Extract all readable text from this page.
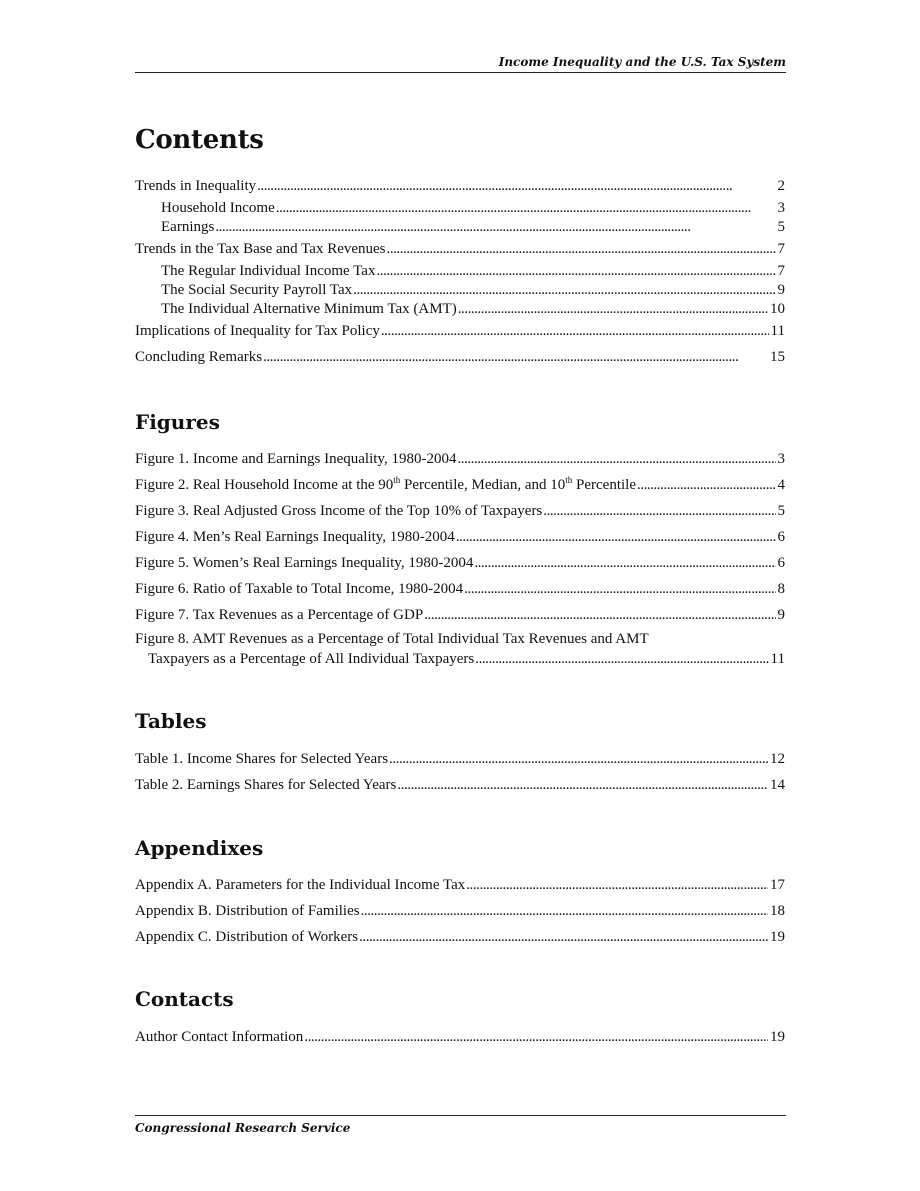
Income Inequality and the U.S. Tax System
Contents
Trends in Inequality . . .	2
Household Income . . .	3
Earnings . . .	5
Trends in the Tax Base and Tax Revenues . . .	7
The Regular Individual Income Tax . . .	7
The Social Security Payroll Tax . . .	9
The Individual Alternative Minimum Tax (AMT) . . .	10
Implications of Inequality for Tax Policy . . .	11
Concluding Remarks . . .	15
Figures
Figure 1. Income and Earnings Inequality, 1980-2004 . . .	3
Figure 2. Real Household Income at the 90th Percentile, Median, and 10th Percentile . . .	4
Figure 3. Real Adjusted Gross Income of the Top 10% of Taxpayers . . .	5
Figure 4. Men’s Real Earnings Inequality, 1980-2004 . . .	6
Figure 5. Women’s Real Earnings Inequality, 1980-2004 . . .	6
Figure 6. Ratio of Taxable to Total Income, 1980-2004 . . .	8
Figure 7. Tax Revenues as a Percentage of GDP . . .	9
Figure 8. AMT Revenues as a Percentage of Total Individual Tax Revenues and AMT
Taxpayers as a Percentage of All Individual Taxpayers . . .	11
Tables
Table 1. Income Shares for Selected Years . . .	12
Table 2. Earnings Shares for Selected Years . . .	14
Appendixes
Appendix A. Parameters for the Individual Income Tax . . .	17
Appendix B. Distribution of Families . . .	18
Appendix C. Distribution of Workers . . .	19
Contacts
Author Contact Information . . .	19
Congressional Research Service
